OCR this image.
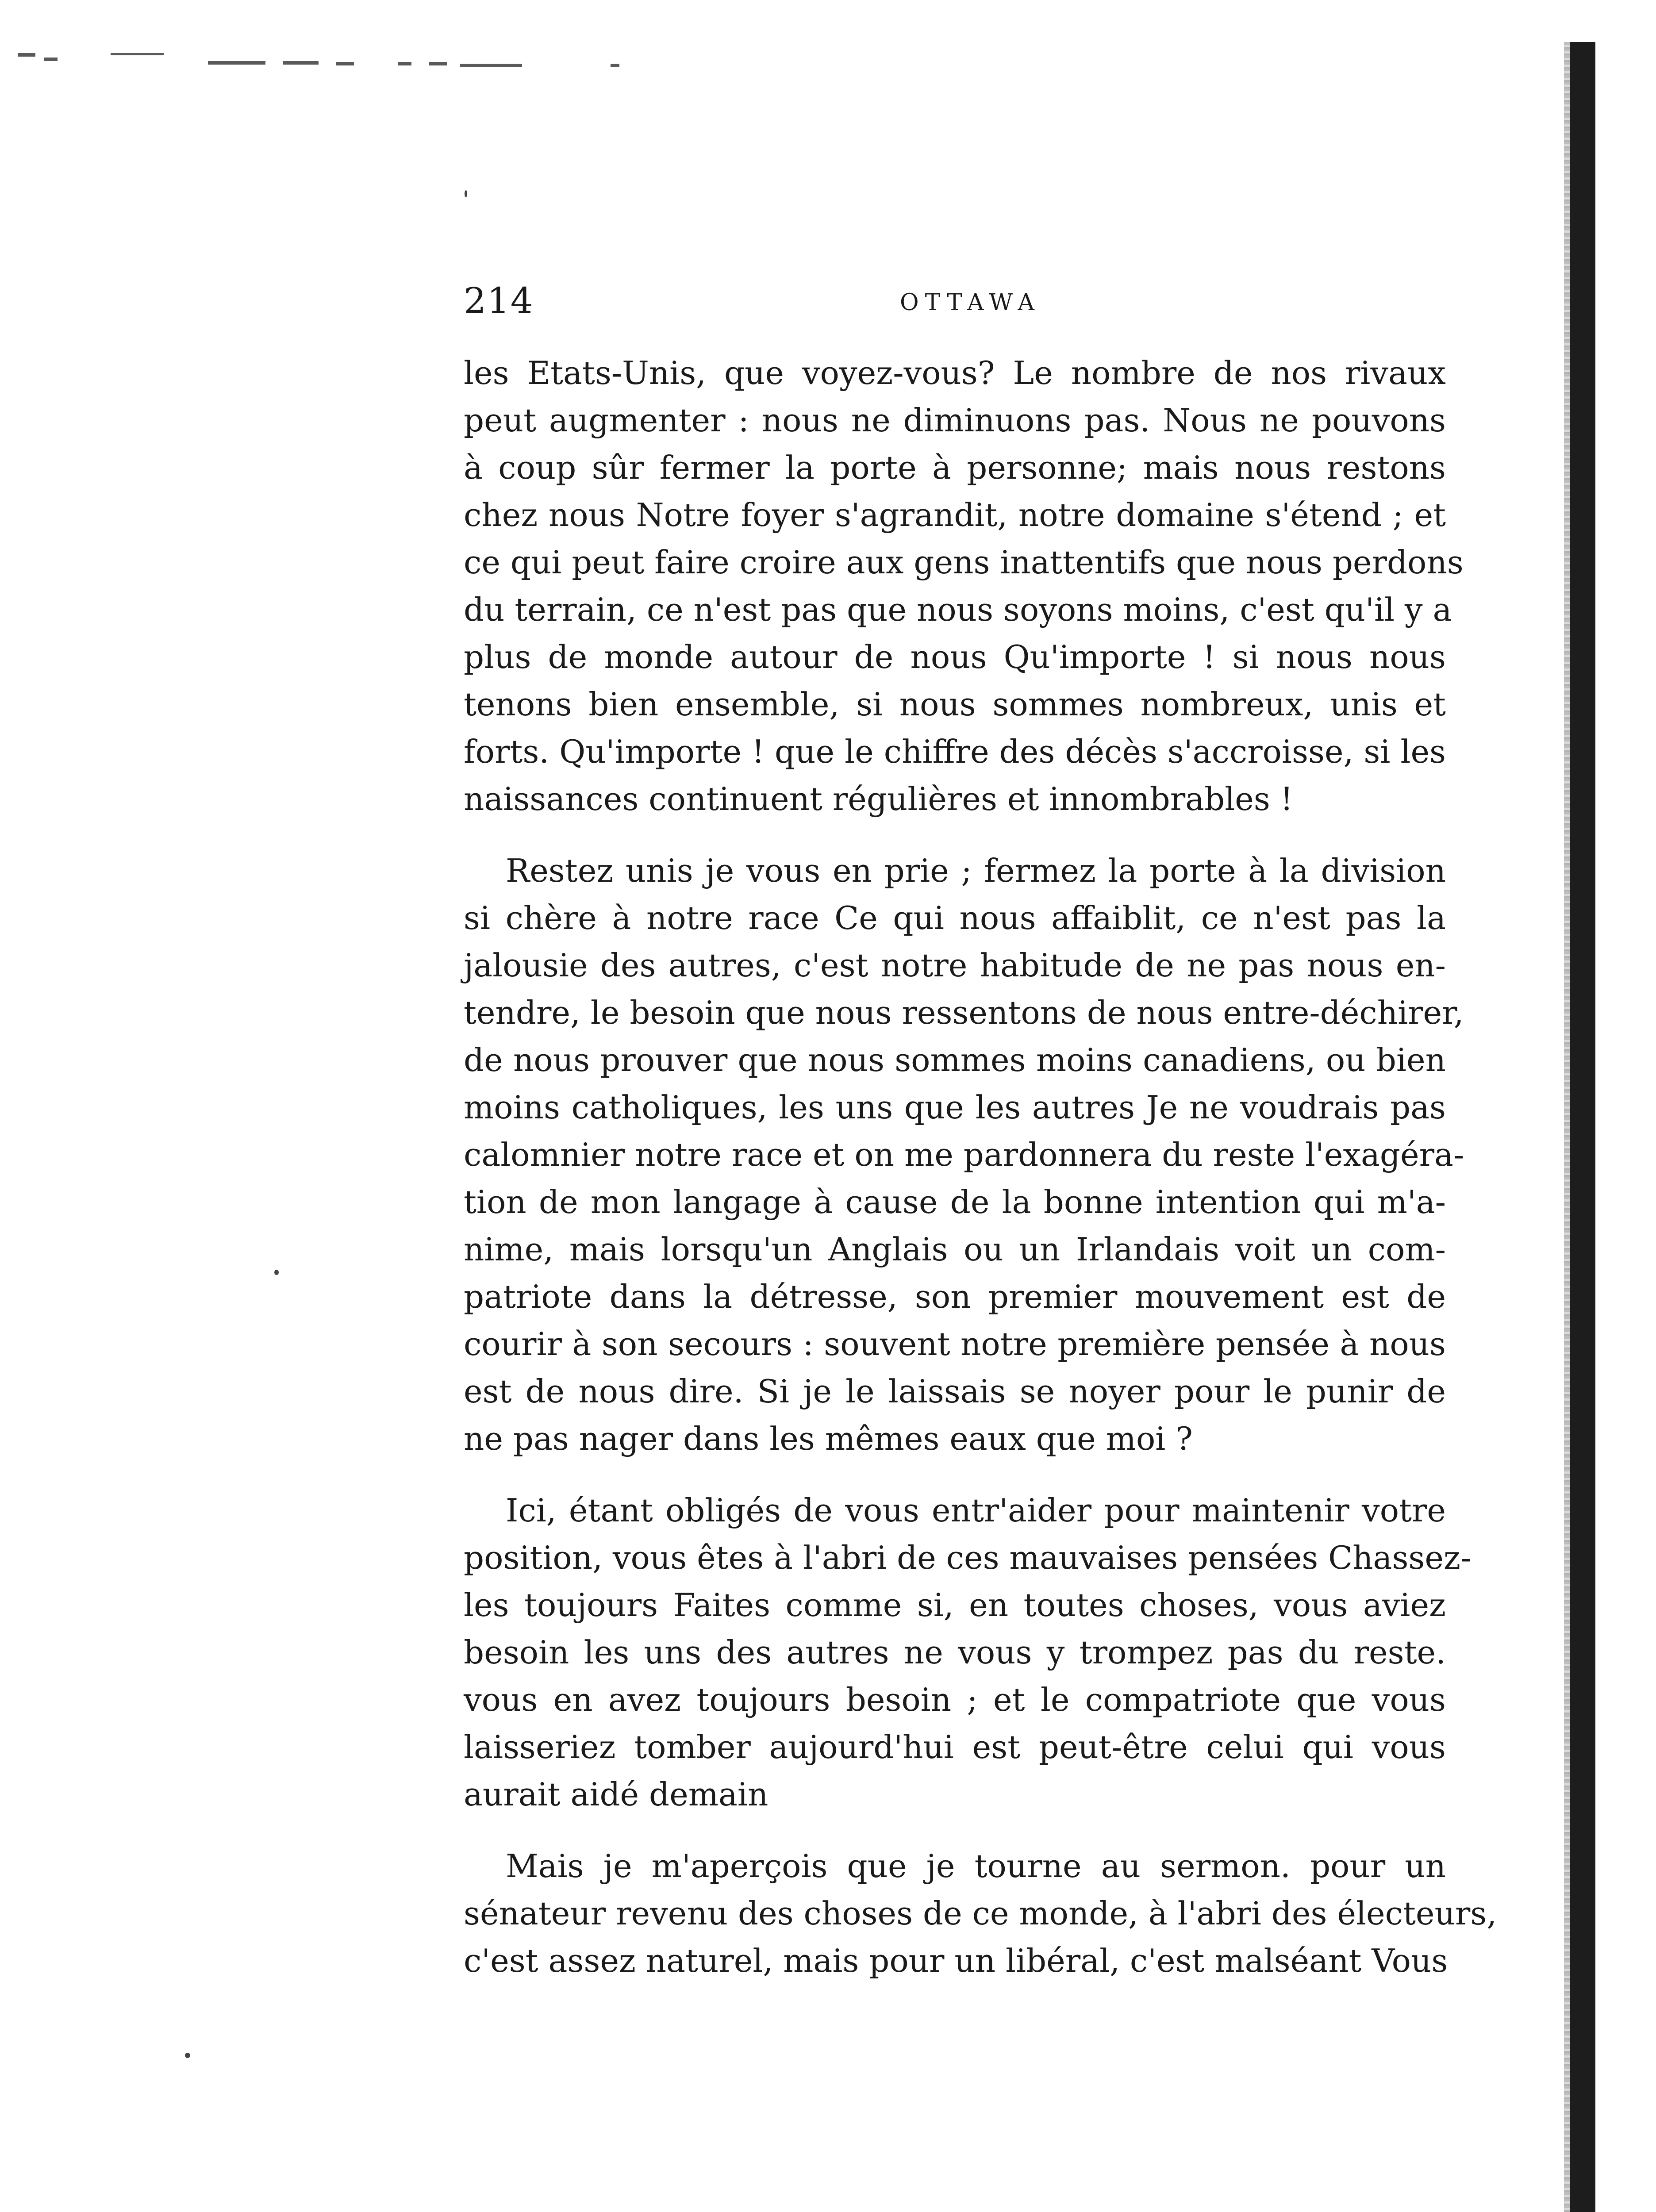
214	OTTAWA
les Etats-Unis, que voyez-vous? Le nombre de nos rivaux
peut augmenter : nous ne diminuons pas. Nous ne pouvons
à coup sûr fermer la porte à personne; mais nous restons
chez nous Notre foyer s'agrandit, notre domaine s'étend ; et
ce qui peut faire croire aux gens inattentifs que nous perdons
du terrain, ce n'est pas que nous soyons moins, c'est qu'il y a
plus de monde autour de nous Qu'importe ! si nous nous
tenons bien ensemble, si nous sommes nombreux, unis et
forts. Qu'importe ! que le chiffre des décès s'accroisse, si les
naissances continuent régulières et innombrables !
Restez unis je vous en prie ; fermez la porte à la division
si chère à notre race Ce qui nous affaiblit, ce n'est pas la
jalousie des autres, c'est notre habitude de ne pas nous en-
tendre, le besoin que nous ressentons de nous entre-déchirer,
de nous prouver que nous sommes moins canadiens, ou bien
moins catholiques, les uns que les autres Je ne voudrais pas
calomnier notre race et on me pardonnera du reste l'exagéra-
tion de mon langage à cause de la bonne intention qui m'a-
nime, mais lorsqu'un Anglais ou un Irlandais voit un com-
patriote dans la détresse, son premier mouvement est de
courir à son secours : souvent notre première pensée à nous
est de nous dire. Si je le laissais se noyer pour le punir de
ne pas nager dans les mêmes eaux que moi ?
Ici, étant obligés de vous entr'aider pour maintenir votre
position, vous êtes à l'abri de ces mauvaises pensées Chassez-
les toujours Faites comme si, en toutes choses, vous aviez
besoin les uns des autres ne vous y trompez pas du reste.
vous en avez toujours besoin ; et le compatriote que vous
laisseriez tomber aujourd'hui est peut-être celui qui vous
aurait aidé demain
Mais je m'aperçois que je tourne au sermon. pour un
sénateur revenu des choses de ce monde, à l'abri des électeurs,
c'est assez naturel, mais pour un libéral, c'est malséant Vous
